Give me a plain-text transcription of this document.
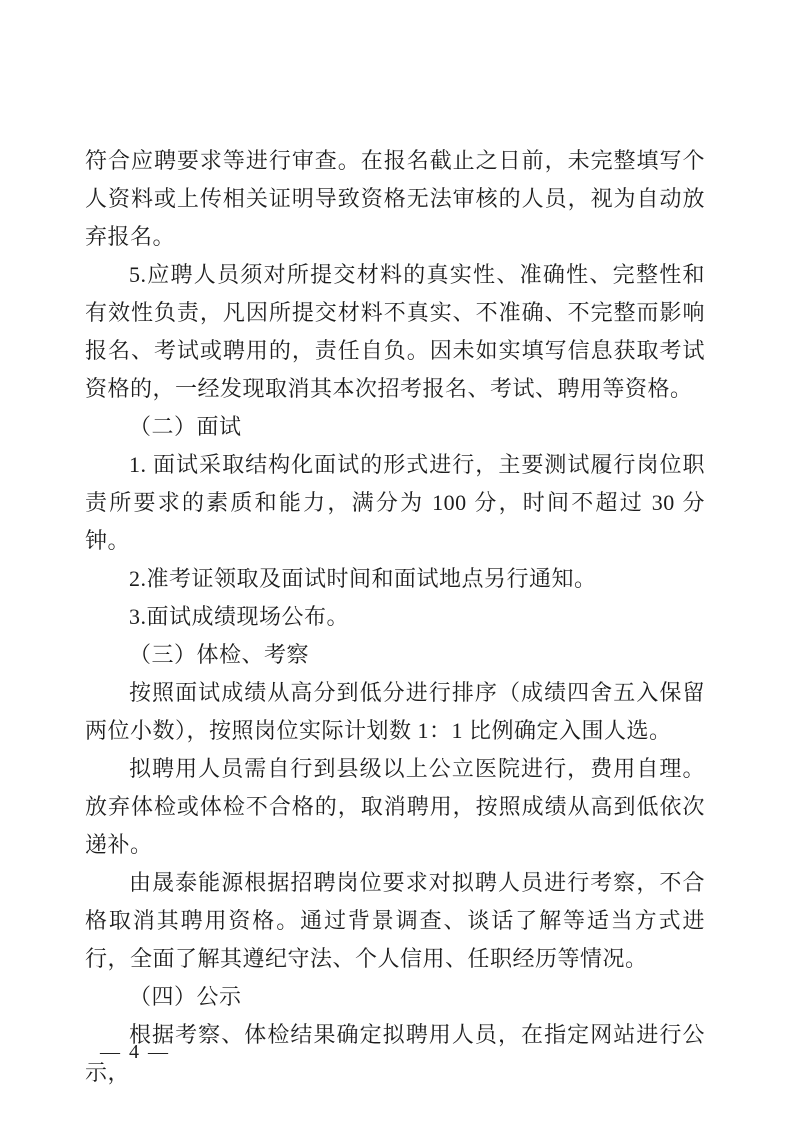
符合应聘要求等进行审查。在报名截止之日前，未完整填写个人资料或上传相关证明导致资格无法审核的人员，视为自动放弃报名。

5.应聘人员须对所提交材料的真实性、准确性、完整性和有效性负责，凡因所提交材料不真实、不准确、不完整而影响报名、考试或聘用的，责任自负。因未如实填写信息获取考试资格的，一经发现取消其本次招考报名、考试、聘用等资格。

（二）面试

1. 面试采取结构化面试的形式进行，主要测试履行岗位职责所要求的素质和能力，满分为 100 分，时间不超过 30 分钟。

2.准考证领取及面试时间和面试地点另行通知。

3.面试成绩现场公布。

（三）体检、考察

按照面试成绩从高分到低分进行排序（成绩四舍五入保留两位小数），按照岗位实际计划数 1：1 比例确定入围人选。

拟聘用人员需自行到县级以上公立医院进行，费用自理。放弃体检或体检不合格的，取消聘用，按照成绩从高到低依次递补。

由晟泰能源根据招聘岗位要求对拟聘人员进行考察，不合格取消其聘用资格。通过背景调查、谈话了解等适当方式进行，全面了解其遵纪守法、个人信用、任职经历等情况。

（四）公示

根据考察、体检结果确定拟聘用人员，在指定网站进行公示，

— 4 —
